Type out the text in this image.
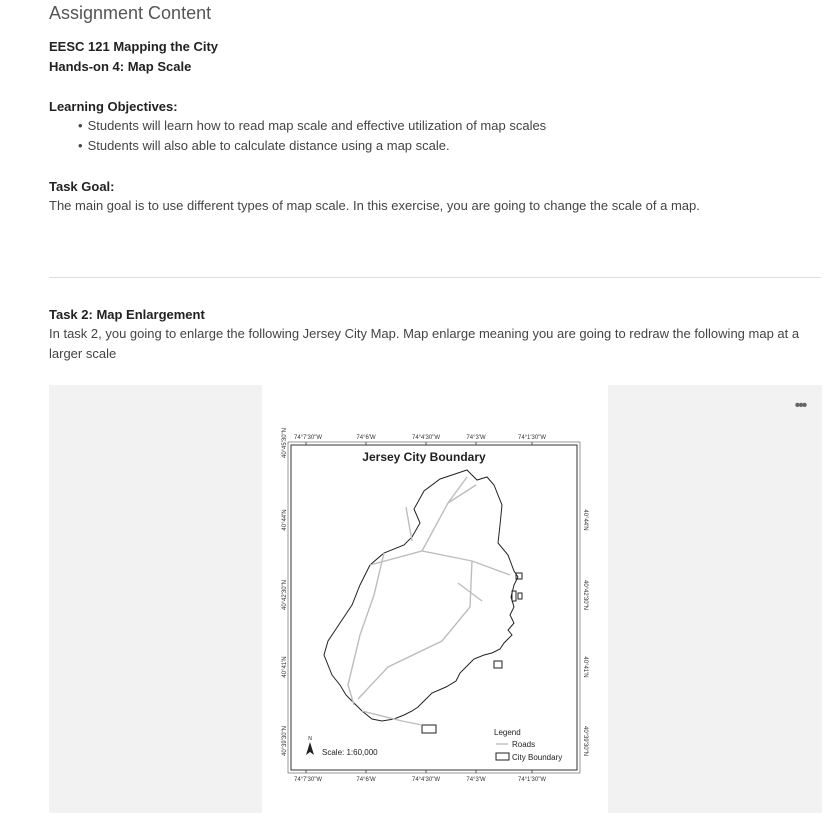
Assignment Content
EESC 121 Mapping the City
Hands-on 4: Map Scale
Learning Objectives:
• Students will learn how to read map scale and effective utilization of map scales
• Students will also able to calculate distance using a map scale.
Task Goal:
The main goal is to use different types of map scale. In this exercise, you are going to change the scale of a map.
Task 2: Map Enlargement
In task 2, you going to enlarge the following Jersey City Map. Map enlarge meaning you are going to redraw the following map at a larger scale
•••
74°7'30"W	74°6'W	74°4'30"W	74°3'W	74°1'30"W
74°7'30"W	74°6'W	74°4'30"W	74°3'W	74°1'30"W
40°45'30"N
40°44'N
40°42'30"N
40°41'N
40°39'30"N
40°44'N
40°42'30"N
40°41'N
40°39'30"N
Jersey City Boundary
N
Scale: 1:60,000
Legend
Roads
City Boundary
